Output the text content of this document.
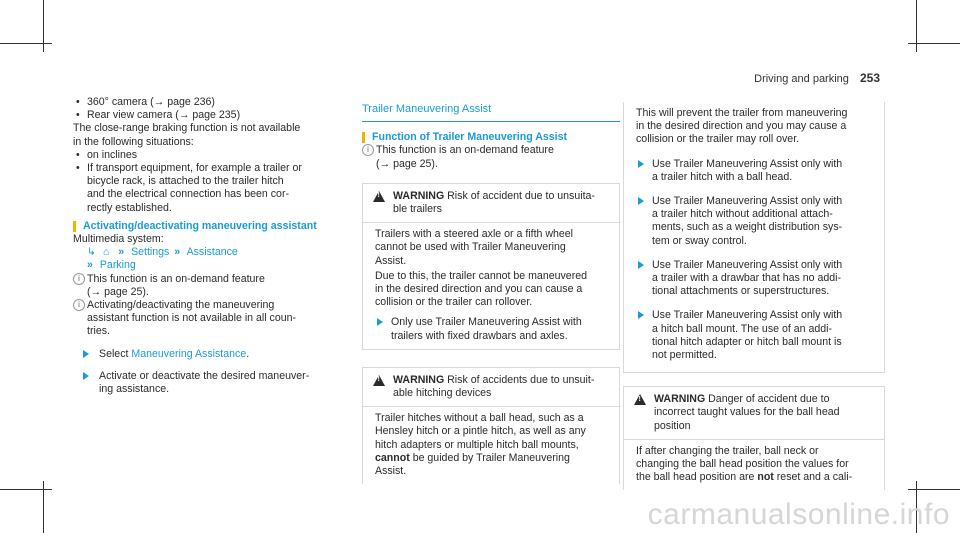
Driving and parking 253

• 360° camera (→ page 236)

• Rear view camera (→ page 235)

The close-range braking function is not available
in the following situations:

• on inclines

• If transport equipment, for example a trailer or
bicycle rack, is attached to the trailer hitch
and the electrical connection has been cor-
rectly established.

Activating/deactivating maneuvering assistant

Multimedia system:

↳ ⌂ » Settings » Assistance

» Parking

i This function is an on-demand feature
(→ page 25).

i Activating/deactivating the maneuvering
assistant function is not available in all coun-
tries.

Select Maneuvering Assistance.

Activate or deactivate the desired maneuver-
ing assistance.

Trailer Maneuvering Assist

Function of Trailer Maneuvering Assist

i This function is an on-demand feature
(→ page 25).

!
WARNING Risk of accident due to unsuita-
ble trailers

Trailers with a steered axle or a fifth wheel
cannot be used with Trailer Maneuvering
Assist.

Due to this, the trailer cannot be maneuvered
in the desired direction and you can cause a
collision or the trailer can rollover.

Only use Trailer Maneuvering Assist with
trailers with fixed drawbars and axles.

!
WARNING Risk of accidents due to unsuit-
able hitching devices

Trailer hitches without a ball head, such as a
Hensley hitch or a pintle hitch, as well as any
hitch adapters or multiple hitch ball mounts,
cannot be guided by Trailer Maneuvering
Assist.

This will prevent the trailer from maneuvering
in the desired direction and you may cause a
collision or the trailer may roll over.

Use Trailer Maneuvering Assist only with
a trailer hitch with a ball head.

Use Trailer Maneuvering Assist only with
a trailer hitch without additional attach-
ments, such as a weight distribution sys-
tem or sway control.

Use Trailer Maneuvering Assist only with
a trailer with a drawbar that has no addi-
tional attachments or superstructures.

Use Trailer Maneuvering Assist only with
a hitch ball mount. The use of an addi-
tional hitch adapter or hitch ball mount is
not permitted.

!
WARNING Danger of accident due to
incorrect taught values for the ball head
position

If after changing the trailer, ball neck or
changing the ball head position the values for
the ball head position are not reset and a cali-

carmanualsonline.info
